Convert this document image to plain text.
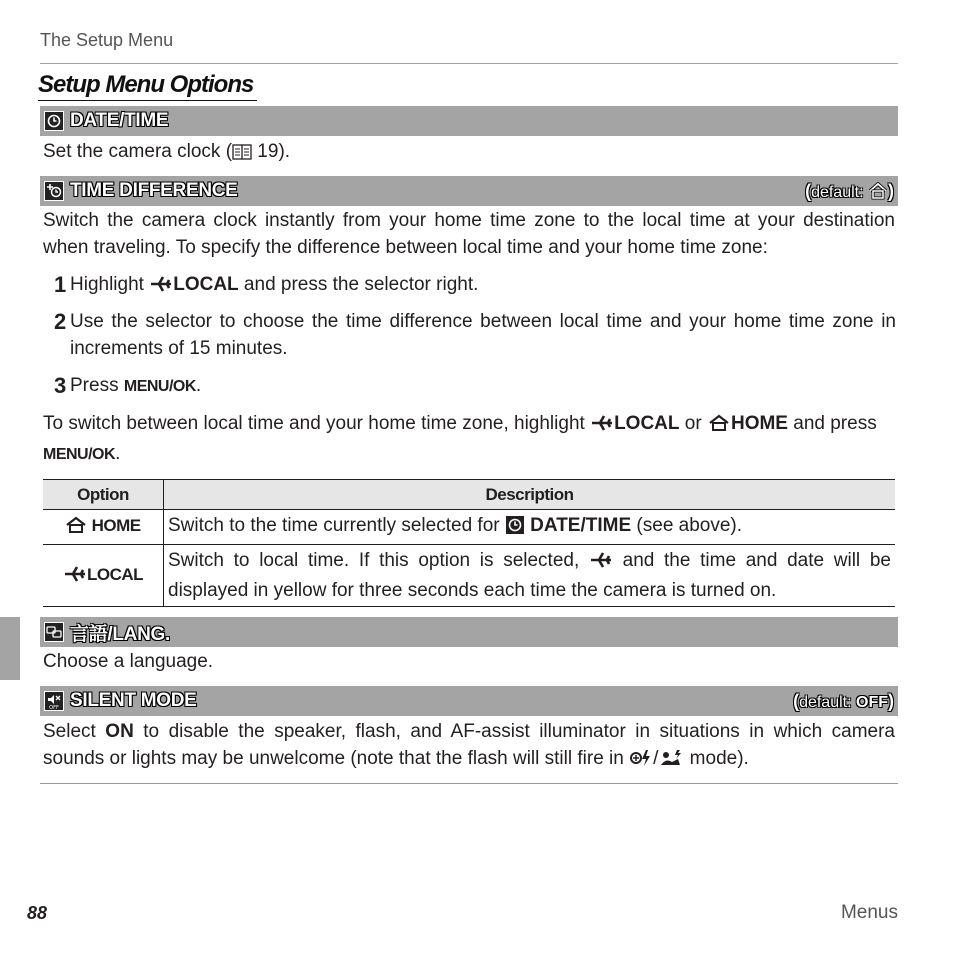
The Setup Menu
Setup Menu Options
DATE/TIME
Set the camera clock ( 19).
TIME DIFFERENCE	(default: )
Switch the camera clock instantly from your home time zone to the local time at your destination when traveling. To specify the difference between local time and your home time zone:
1 Highlight LOCAL and press the selector right.
2 Use the selector to choose the time difference between local time and your home time zone in increments of 15 minutes.
3 Press MENU/OK.
To switch between local time and your home time zone, highlight LOCAL or HOME and press MENU/OK.
Option	Description
HOME	Switch to the time currently selected for  DATE/TIME (see above).
LOCAL	Switch to local time. If this option is selected,  and the time and date will be displayed in yellow for three seconds each time the camera is turned on.
言語/LANG.
Choose a language.
OFF SILENT MODE	(default: OFF)
Select ON to disable the speaker, flash, and AF-assist illuminator in situations in which camera sounds or lights may be unwelcome (note that the flash will still fire in / mode).
88	Menus
